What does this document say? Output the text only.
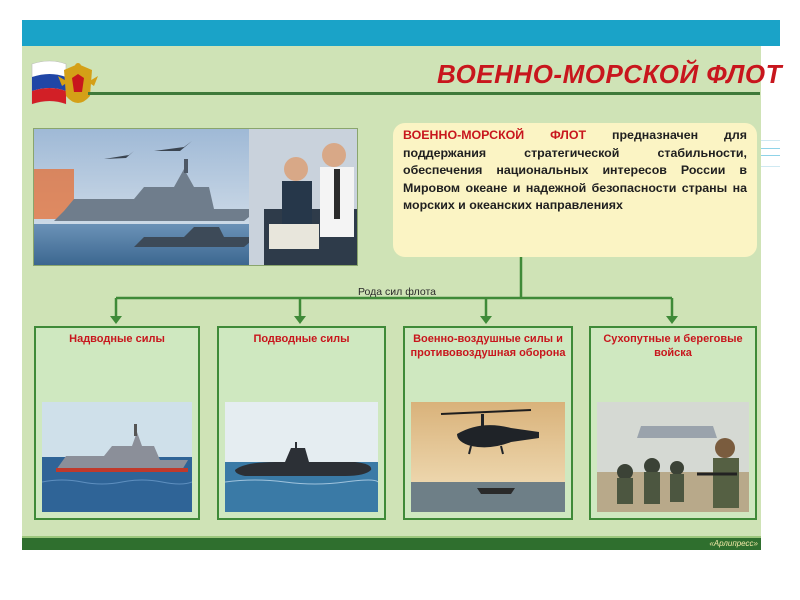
ВОЕННО-МОРСКОЙ ФЛОТ

ВОЕННО-МОРСКОЙ ФЛОТ предназначен для поддержания стратегической стабильности, обеспечения национальных интересов России в Мировом океане и надежной безопасности страны на морских и океанских направлениях

Рода сил флота
Надводные силы	Подводные силы	Военно-воздушные силы и противовоздушная оборона
Сухопутные и береговые войска
«Арлипресс»
